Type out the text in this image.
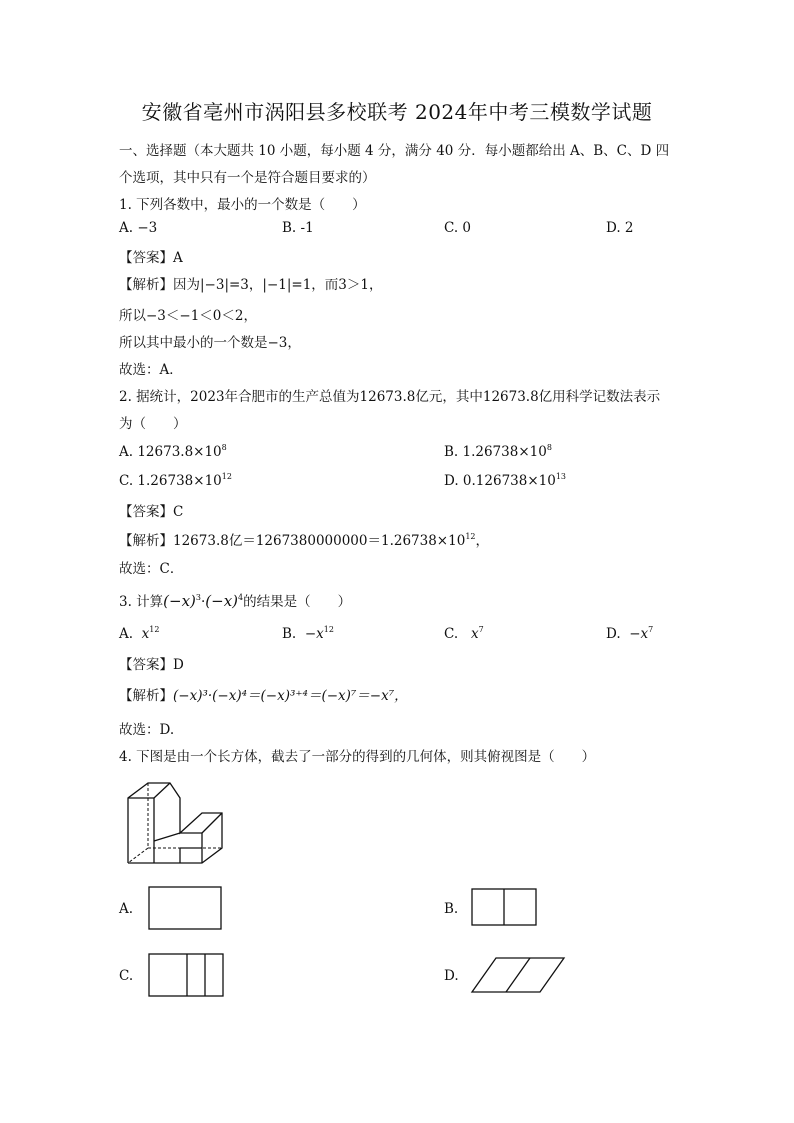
安徽省亳州市涡阳县多校联考 2024年中考三模数学试题
一、选择题（本大题共 10 小题，每小题 4 分，满分 40 分．每小题都给出 A、B、C、D 四
个选项，其中只有一个是符合题目要求的）
1. 下列各数中，最小的一个数是（　　）
A. −3	B. -1	C. 0	D. 2
【答案】A
【解析】因为|−3|=3，|−1|=1，而3＞1，
所以−3＜−1＜0＜2，
所以其中最小的一个数是−3，
故选：A．
2. 据统计，2023年合肥市的生产总值为12673.8亿元，其中12673.8亿用科学记数法表示
为（　　）
A. $12673.8\times 10^8$	B. $1.26738\times 10^8$
C. $1.26738\times 10^{12}$	D. $0.126738\times 10^{13}$
【答案】C
【解析】12673.8亿$=1267380000000=1.26738\times 10^{12}$，
故选：C．
3. 计算$(-x)^3\cdot(-x)^4$的结果是（　　）
A. $x^{12}$	B. $-x^{12}$	C. $x^7$	D. $-x^7$
【答案】D
【解析】(−x)³·(−x)⁴＝(−x)³⁺⁴＝(−x)⁷＝−x⁷，
故选：D.
4. 下图是由一个长方体，截去了一部分的得到的几何体，则其俯视图是（　　）
A.	B.
C.	D.
